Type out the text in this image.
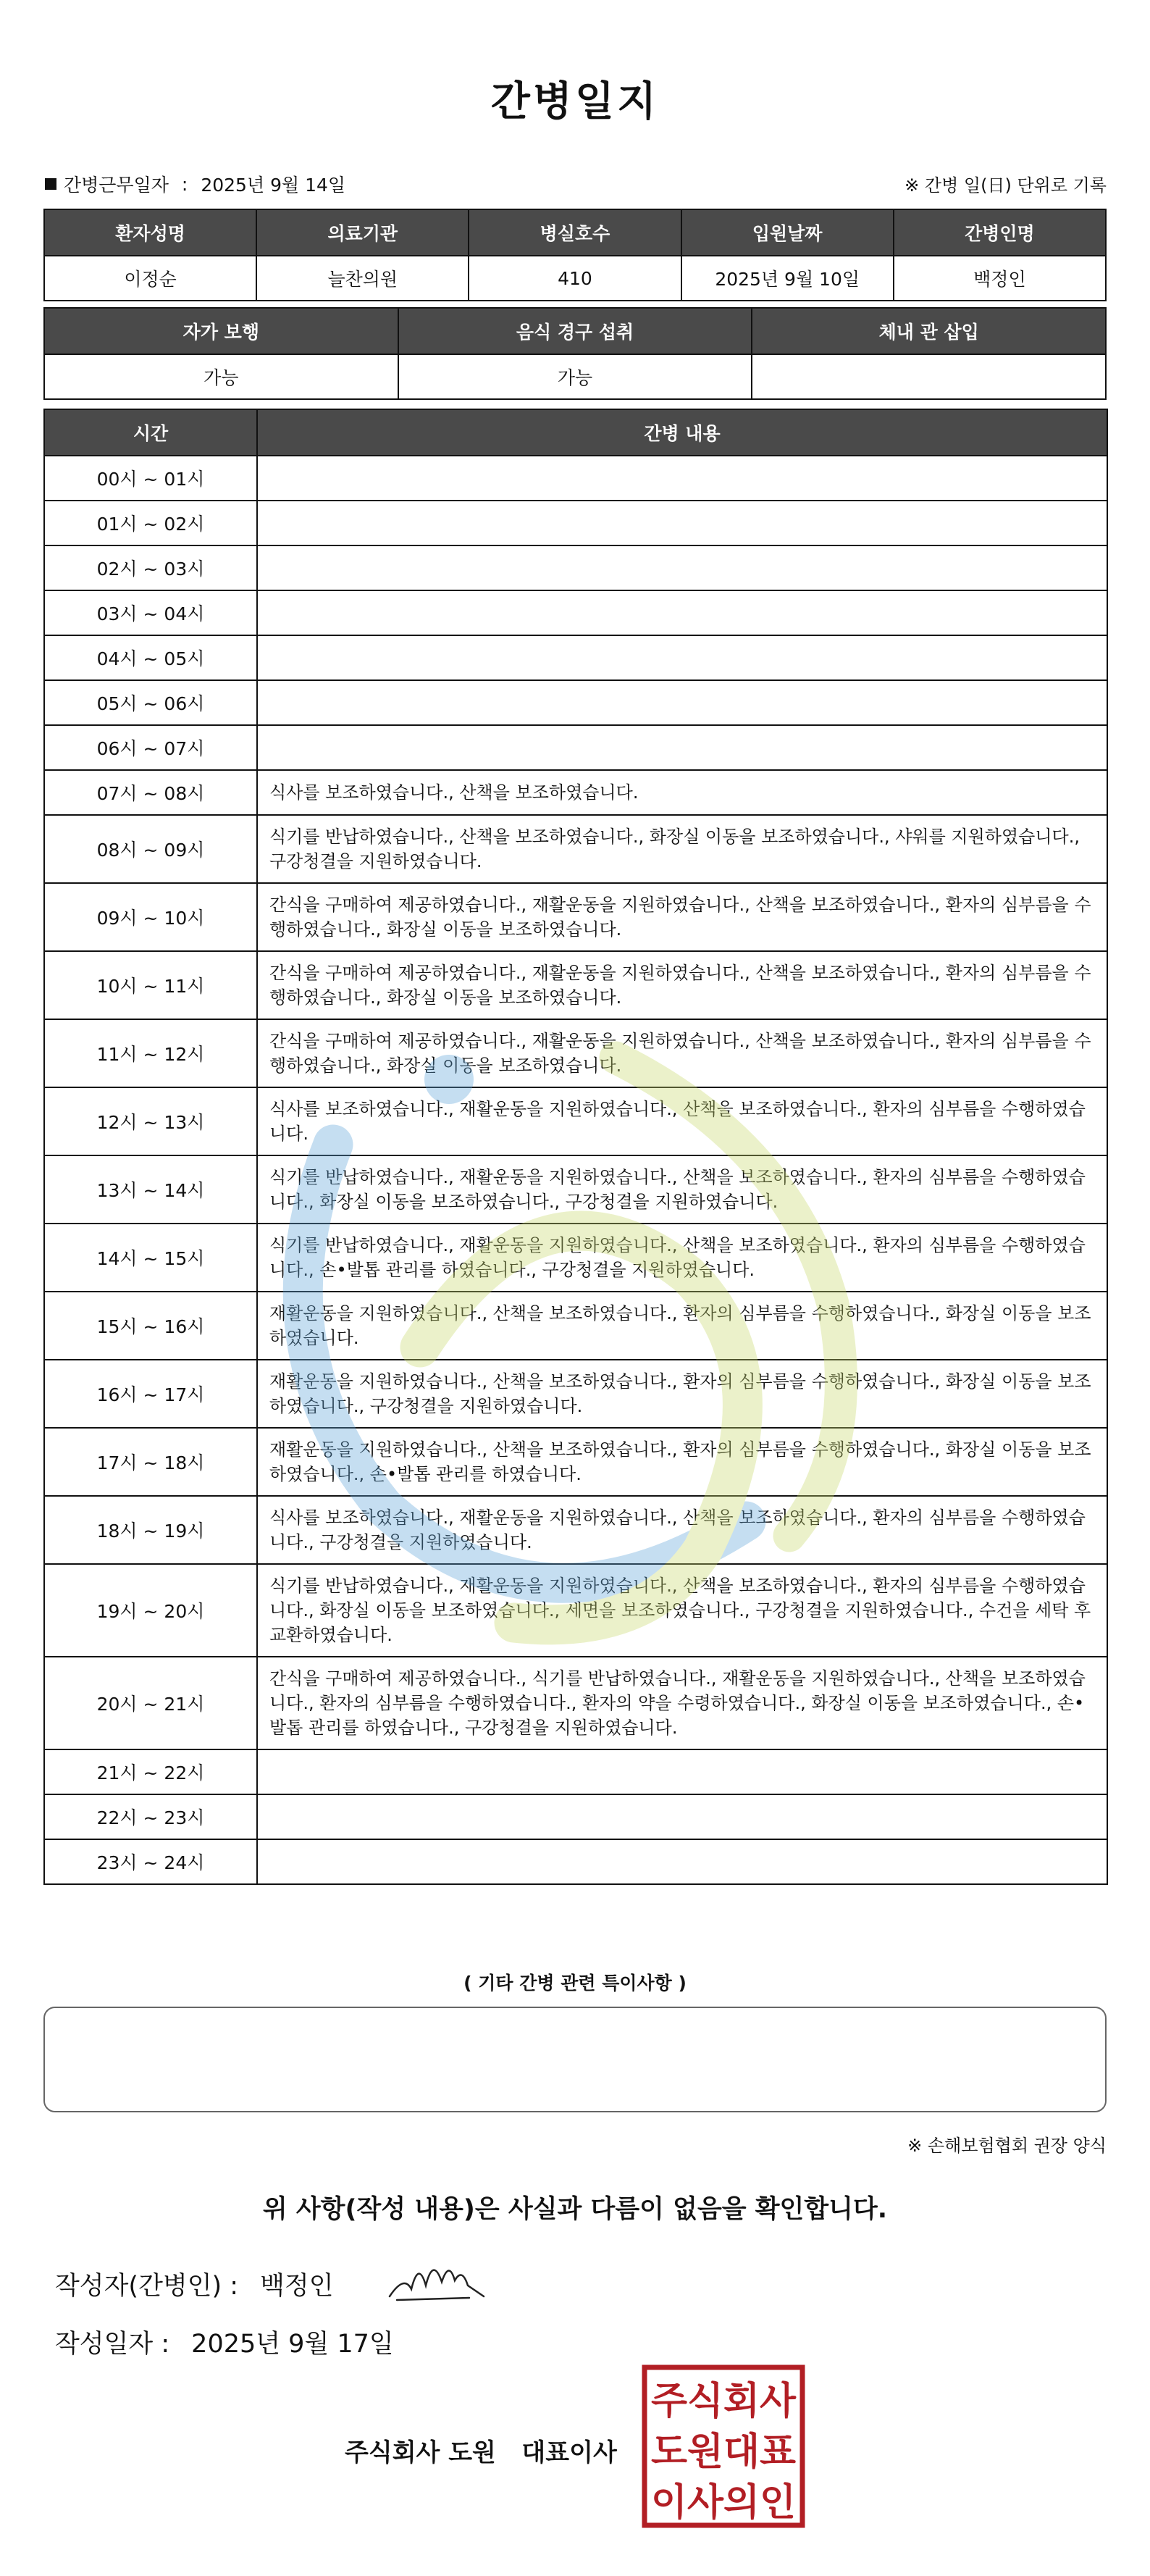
간병일지
간병근무일자 : 2025년 9월 14일	※ 간병 일(日) 단위로 기록
환자성명	의료기관	병실호수	입원날짜	간병인명
이정순	늘찬의원	410	2025년 9월 10일	백정인
자가 보행	음식 경구 섭취	체내 관 삽입
가능	가능	
시간	간병 내용
00시 ~ 01시	
01시 ~ 02시	
02시 ~ 03시	
03시 ~ 04시	
04시 ~ 05시	
05시 ~ 06시	
06시 ~ 07시	
07시 ~ 08시	식사를 보조하였습니다., 산책을 보조하였습니다.
08시 ~ 09시	식기를 반납하였습니다., 산책을 보조하였습니다., 화장실 이동을 보조하였습니다., 샤워를 지원하였습니다., 구강청결을 지원하였습니다.
09시 ~ 10시	간식을 구매하여 제공하였습니다., 재활운동을 지원하였습니다., 산책을 보조하였습니다., 환자의 심부름을 수행하였습니다., 화장실 이동을 보조하였습니다.
10시 ~ 11시	간식을 구매하여 제공하였습니다., 재활운동을 지원하였습니다., 산책을 보조하였습니다., 환자의 심부름을 수행하였습니다., 화장실 이동을 보조하였습니다.
11시 ~ 12시	간식을 구매하여 제공하였습니다., 재활운동을 지원하였습니다., 산책을 보조하였습니다., 환자의 심부름을 수행하였습니다., 화장실 이동을 보조하였습니다.
12시 ~ 13시	식사를 보조하였습니다., 재활운동을 지원하였습니다., 산책을 보조하였습니다., 환자의 심부름을 수행하였습니다.
13시 ~ 14시	식기를 반납하였습니다., 재활운동을 지원하였습니다., 산책을 보조하였습니다., 환자의 심부름을 수행하였습니다., 화장실 이동을 보조하였습니다., 구강청결을 지원하였습니다.
14시 ~ 15시	식기를 반납하였습니다., 재활운동을 지원하였습니다., 산책을 보조하였습니다., 환자의 심부름을 수행하였습니다., 손•발톱 관리를 하였습니다., 구강청결을 지원하였습니다.
15시 ~ 16시	재활운동을 지원하였습니다., 산책을 보조하였습니다., 환자의 심부름을 수행하였습니다., 화장실 이동을 보조하였습니다.
16시 ~ 17시	재활운동을 지원하였습니다., 산책을 보조하였습니다., 환자의 심부름을 수행하였습니다., 화장실 이동을 보조하였습니다., 구강청결을 지원하였습니다.
17시 ~ 18시	재활운동을 지원하였습니다., 산책을 보조하였습니다., 환자의 심부름을 수행하였습니다., 화장실 이동을 보조하였습니다., 손•발톱 관리를 하였습니다.
18시 ~ 19시	식사를 보조하였습니다., 재활운동을 지원하였습니다., 산책을 보조하였습니다., 환자의 심부름을 수행하였습니다., 구강청결을 지원하였습니다.
19시 ~ 20시	식기를 반납하였습니다., 재활운동을 지원하였습니다., 산책을 보조하였습니다., 환자의 심부름을 수행하였습니다., 화장실 이동을 보조하였습니다., 세면을 보조하였습니다., 구강청결을 지원하였습니다., 수건을 세탁 후 교환하였습니다.
20시 ~ 21시	간식을 구매하여 제공하였습니다., 식기를 반납하였습니다., 재활운동을 지원하였습니다., 산책을 보조하였습니다., 환자의 심부름을 수행하였습니다., 환자의 약을 수령하였습니다., 화장실 이동을 보조하였습니다., 손•발톱 관리를 하였습니다., 구강청결을 지원하였습니다.
21시 ~ 22시	
22시 ~ 23시	
23시 ~ 24시	
( 기타 간병 관련 특이사항 )
※ 손해보험협회 권장 양식
위 사항(작성 내용)은 사실과 다름이 없음을 확인합니다.
작성자(간병인) : 백정인
작성일자 : 2025년 9월 17일
주식회사 도원   대표이사
주식회사
도원대표
이사의인
